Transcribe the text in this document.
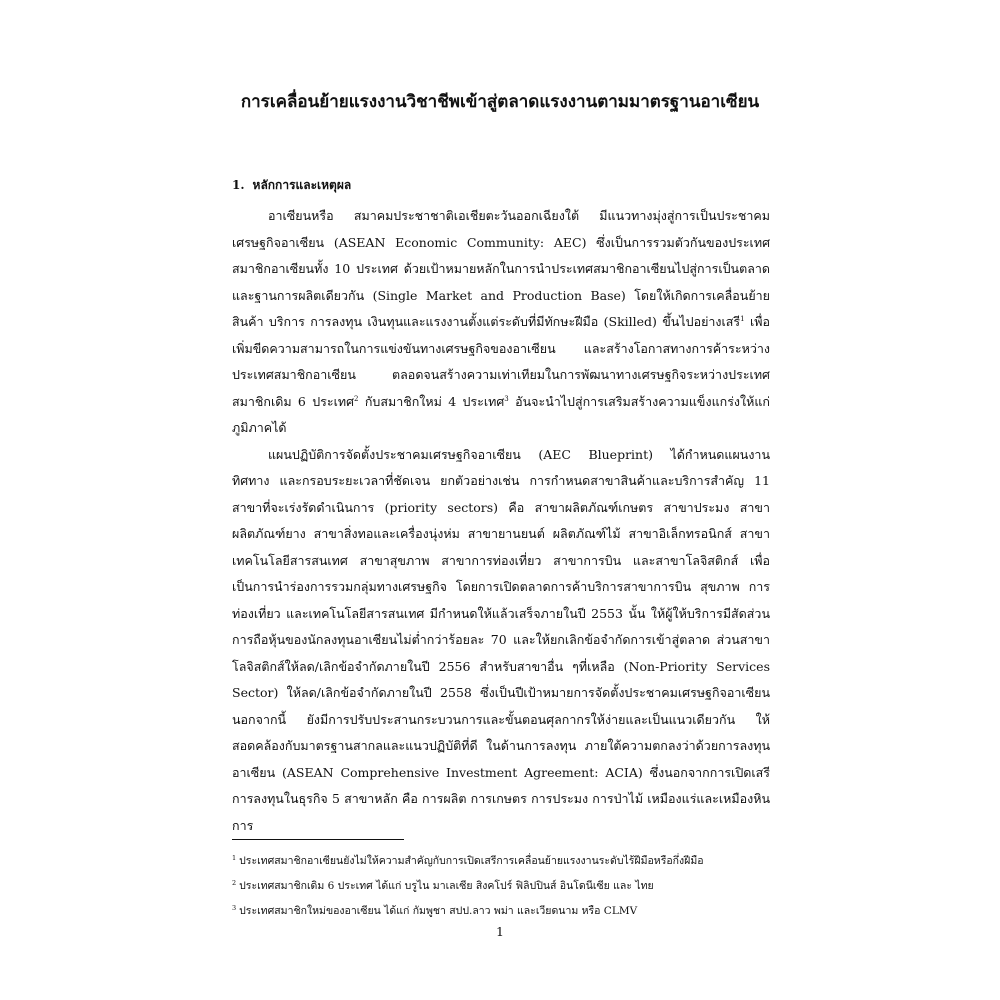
การเคลื่อนย้ายแรงงานวิชาชีพเข้าสู่ตลาดแรงงานตามมาตรฐานอาเซียน
1. หลักการและเหตุผล

อาเซียนหรือ สมาคมประชาชาติเอเชียตะวันออกเฉียงใต้ มีแนวทางมุ่งสู่การเป็นประชาคมเศรษฐกิจอาเซียน (ASEAN Economic Community: AEC) ซึ่งเป็นการรวมตัวกันของประเทศสมาชิกอาเซียนทั้ง 10 ประเทศ ด้วยเป้าหมายหลักในการนำประเทศสมาชิกอาเซียนไปสู่การเป็นตลาดและฐานการผลิตเดียวกัน (Single Market and Production Base) โดยให้เกิดการเคลื่อนย้ายสินค้า บริการ การลงทุน เงินทุนและแรงงานตั้งแต่ระดับที่มีทักษะฝีมือ (Skilled) ขึ้นไปอย่างเสรี$^1$ เพื่อเพิ่มขีดความสามารถในการแข่งขันทางเศรษฐกิจของอาเซียน และสร้างโอกาสทางการค้าระหว่างประเทศสมาชิกอาเซียน ตลอดจนสร้างความเท่าเทียมในการพัฒนาทางเศรษฐกิจระหว่างประเทศสมาชิกเดิม 6 ประเทศ$^2$ กับสมาชิกใหม่ 4 ประเทศ$^3$ อันจะนำไปสู่การเสริมสร้างความแข็งแกร่งให้แก่ภูมิภาคได้

แผนปฏิบัติการจัดตั้งประชาคมเศรษฐกิจอาเซียน (AEC Blueprint) ได้กำหนดแผนงาน ทิศทาง และกรอบระยะเวลาที่ชัดเจน ยกตัวอย่างเช่น การกำหนดสาขาสินค้าและบริการสำคัญ 11 สาขาที่จะเร่งรัดดำเนินการ (priority sectors) คือ สาขาผลิตภัณฑ์เกษตร สาขาประมง สาขาผลิตภัณฑ์ยาง สาขาสิ่งทอและเครื่องนุ่งห่ม สาขายานยนต์ ผลิตภัณฑ์ไม้ สาขาอิเล็กทรอนิกส์ สาขาเทคโนโลยีสารสนเทศ สาขาสุขภาพ สาขาการท่องเที่ยว สาขาการบิน และสาขาโลจิสติกส์ เพื่อเป็นการนำร่องการรวมกลุ่มทางเศรษฐกิจ โดยการเปิดตลาดการค้าบริการสาขาการบิน สุขภาพ การท่องเที่ยว และเทคโนโลยีสารสนเทศ มีกำหนดให้แล้วเสร็จภายในปี 2553 นั้น ให้ผู้ให้บริการมีสัดส่วนการถือหุ้นของนักลงทุนอาเซียนไม่ต่ำกว่าร้อยละ 70 และให้ยกเลิกข้อจำกัดการเข้าสู่ตลาด ส่วนสาขาโลจิสติกส์ให้ลด/เลิกข้อจำกัดภายในปี 2556 สำหรับสาขาอื่น ๆที่เหลือ (Non-Priority Services Sector) ให้ลด/เลิกข้อจำกัดภายในปี 2558 ซึ่งเป็นปีเป้าหมายการจัดตั้งประชาคมเศรษฐกิจอาเซียน นอกจากนี้ ยังมีการปรับประสานกระบวนการและขั้นตอนศุลกากรให้ง่ายและเป็นแนวเดียวกัน ให้สอดคล้องกับมาตรฐานสากลและแนวปฏิบัติที่ดี ในด้านการลงทุน ภายใต้ความตกลงว่าด้วยการลงทุนอาเซียน (ASEAN Comprehensive Investment Agreement: ACIA) ซึ่งนอกจากการเปิดเสรีการลงทุนในธุรกิจ 5 สาขาหลัก คือ การผลิต การเกษตร การประมง การป่าไม้ เหมืองแร่และเหมืองหิน การ

$^1$ ประเทศสมาชิกอาเซียนยังไม่ให้ความสำคัญกับการเปิดเสรีการเคลื่อนย้ายแรงงานระดับไร้ฝีมือหรือกึ่งฝีมือ

$^2$ ประเทศสมาชิกเดิม 6 ประเทศ ได้แก่ บรูไน มาเลเซีย สิงคโปร์ ฟิลิปปินส์ อินโดนีเซีย และ ไทย

$^3$ ประเทศสมาชิกใหม่ของอาเซียน ได้แก่ กัมพูชา สปป.ลาว พม่า และเวียดนาม หรือ CLMV

1
